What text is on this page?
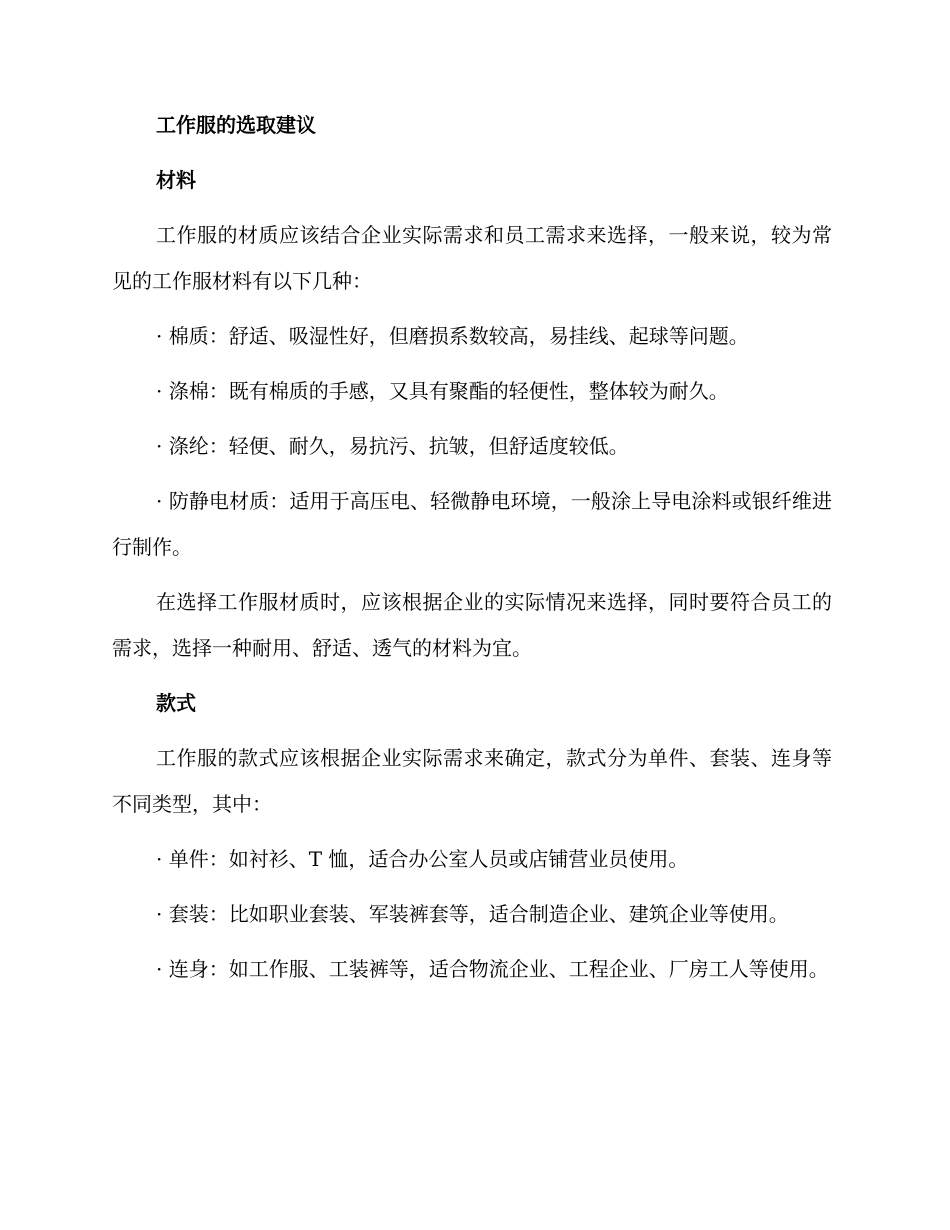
工作服的选取建议

材料

工作服的材质应该结合企业实际需求和员工需求来选择，一般来说，较为常见的工作服材料有以下几种：

· 棉质：舒适、吸湿性好，但磨损系数较高，易挂线、起球等问题。

· 涤棉：既有棉质的手感，又具有聚酯的轻便性，整体较为耐久。

· 涤纶：轻便、耐久，易抗污、抗皱，但舒适度较低。

· 防静电材质：适用于高压电、轻微静电环境，一般涂上导电涂料或银纤维进行制作。

在选择工作服材质时，应该根据企业的实际情况来选择，同时要符合员工的需求，选择一种耐用、舒适、透气的材料为宜。

款式

工作服的款式应该根据企业实际需求来确定，款式分为单件、套装、连身等不同类型，其中：

· 单件：如衬衫、T 恤，适合办公室人员或店铺营业员使用。

· 套装：比如职业套装、军装裤套等，适合制造企业、建筑企业等使用。

· 连身：如工作服、工装裤等，适合物流企业、工程企业、厂房工人等使用。
